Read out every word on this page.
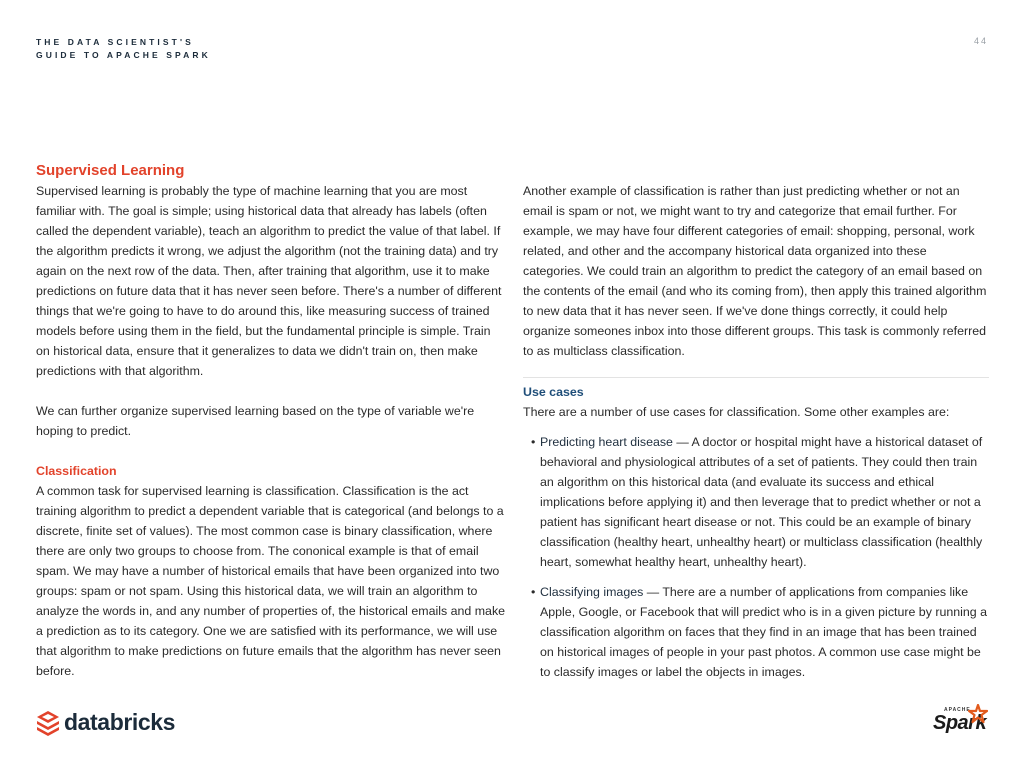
THE DATA SCIENTIST'S
GUIDE TO APACHE SPARK
44
Supervised Learning

Supervised learning is probably the type of machine learning that you are most familiar with. The goal is simple; using historical data that already has labels (often called the dependent variable), teach an algorithm to predict the value of that label. If the algorithm predicts it wrong, we adjust the algorithm (not the training data) and try again on the next row of the data. Then, after training that algorithm, use it to make predictions on future data that it has never seen before. There's a number of different things that we're going to have to do around this, like measuring success of trained models before using them in the field, but the fundamental principle is simple. Train on historical data, ensure that it generalizes to data we didn't train on, then make predictions with that algorithm.

We can further organize supervised learning based on the type of variable we're hoping to predict.

Classification

A common task for supervised learning is classification. Classification is the act training algorithm to predict a dependent variable that is categorical (and belongs to a discrete, finite set of values). The most common case is binary classification, where there are only two groups to choose from. The cononical example is that of email spam. We may have a number of historical emails that have been organized into two groups: spam or not spam. Using this historical data, we will train an algorithm to analyze the words in, and any number of properties of, the historical emails and make a prediction as to its category. One we are satisfied with its performance, we will use that algorithm to make predictions on future emails that the algorithm has never seen before.

Another example of classification is rather than just predicting whether or not an email is spam or not, we might want to try and categorize that email further. For example, we may have four different categories of email: shopping, personal, work related, and other and the accompany historical data organized into these categories. We could train an algorithm to predict the category of an email based on the contents of the email (and who its coming from), then apply this trained algorithm to new data that it has never seen. If we've done things correctly, it could help organize someones inbox into those different groups. This task is commonly referred to as multiclass classification.

Use cases

There are a number of use cases for classification. Some other examples are:

• Predicting heart disease — A doctor or hospital might have a historical dataset of behavioral and physiological attributes of a set of patients. They could then train an algorithm on this historical data (and evaluate its success and ethical implications before applying it) and then leverage that to predict whether or not a patient has significant heart disease or not. This could be an example of binary classification (healthy heart, unhealthy heart) or multiclass classification (healthly heart, somewhat healthy heart, unhealthy heart).
• Classifying images — There are a number of applications from companies like Apple, Google, or Facebook that will predict who is in a given picture by running a classification algorithm on faces that they find in an image that has been trained on historical images of people in your past photos. A common use case might be to classify images or label the objects in images.
databricks	APACHE
Spark
